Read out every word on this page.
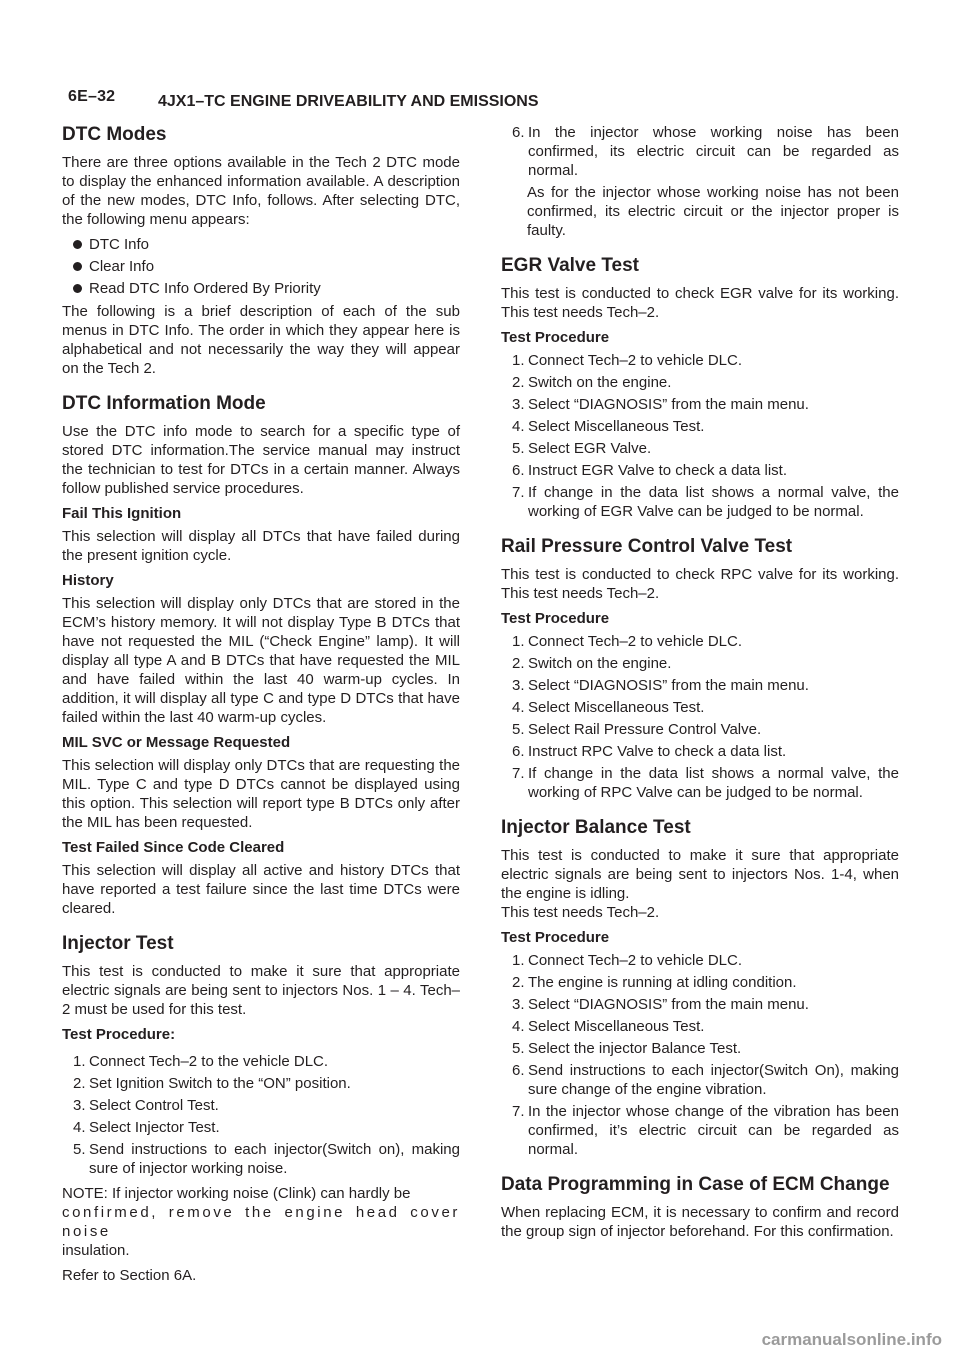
6E–32	4JX1–TC ENGINE DRIVEABILITY AND EMISSIONS
DTC Modes

There are three options available in the Tech 2 DTC mode to display the enhanced information available. A description of the new modes, DTC Info, follows. After selecting DTC, the following menu appears:

DTC Info
Clear Info
Read DTC Info Ordered By Priority

The following is a brief description of each of the sub menus in DTC Info. The order in which they appear here is alphabetical and not necessarily the way they will appear on the Tech 2.

DTC Information Mode

Use the DTC info mode to search for a specific type of stored DTC information.The service manual may instruct the technician to test for DTCs in a certain manner. Always follow published service procedures.

Fail This Ignition

This selection will display all DTCs that have failed during the present ignition cycle.

History

This selection will display only DTCs that are stored in the ECM’s history memory. It will not display Type B DTCs that have not requested the MIL (“Check Engine” lamp). It will display all type A and B DTCs that have requested the MIL and have failed within the last 40 warm-up cycles. In addition, it will display all type C and type D DTCs that have failed within the last 40 warm-up cycles.

MIL SVC or Message Requested

This selection will display only DTCs that are requesting the MIL. Type C and type D DTCs cannot be displayed using this option. This selection will report type B DTCs only after the MIL has been requested.

Test Failed Since Code Cleared

This selection will display all active and history DTCs that have reported a test failure since the last time DTCs were cleared.

Injector Test

This test is conducted to make it sure that appropriate electric signals are being sent to injectors Nos. 1 – 4. Tech–2 must be used for this test.

Test Procedure:
1. Connect Tech–2 to the vehicle DLC.
2. Set Ignition Switch to the “ON” position.
3. Select Control Test.
4. Select Injector Test.
5. Send instructions to each injector(Switch on), making sure of injector working noise.

NOTE: If injector working noise (Clink) can hardly be
confirmed, remove the engine head cover noise
insulation.

Refer to Section 6A.

6. In the injector whose working noise has been confirmed, its electric circuit can be regarded as normal.

As for the injector whose working noise has not been confirmed, its electric circuit or the injector proper is faulty.

EGR Valve Test

This test is conducted to check EGR valve for its working. This test needs Tech–2.

Test Procedure
1. Connect Tech–2 to vehicle DLC.
2. Switch on the engine.
3. Select “DIAGNOSIS” from the main menu.
4. Select Miscellaneous Test.
5. Select EGR Valve.
6. Instruct EGR Valve to check a data list.
7. If change in the data list shows a normal valve, the working of EGR Valve can be judged to be normal.
Rail Pressure Control Valve Test

This test is conducted to check RPC valve for its working. This test needs Tech–2.

Test Procedure
1. Connect Tech–2 to vehicle DLC.
2. Switch on the engine.
3. Select “DIAGNOSIS” from the main menu.
4. Select Miscellaneous Test.
5. Select Rail Pressure Control Valve.
6. Instruct RPC Valve to check a data list.
7. If change in the data list shows a normal valve, the working of RPC Valve can be judged to be normal.
Injector Balance Test

This test is conducted to make it sure that appropriate electric signals are being sent to injectors Nos. 1-4, when the engine is idling.

This test needs Tech–2.

Test Procedure
1. Connect Tech–2 to vehicle DLC.
2. The engine is running at idling condition.
3. Select “DIAGNOSIS” from the main menu.
4. Select Miscellaneous Test.
5. Select the injector Balance Test.
6. Send instructions to each injector(Switch On), making sure change of the engine vibration.
7. In the injector whose change of the vibration has been confirmed, it’s electric circuit can be regarded as normal.
Data Programming in Case of ECM Change

When replacing ECM, it is necessary to confirm and record the group sign of injector beforehand. For this confirmation.

carmanualsonline.info
